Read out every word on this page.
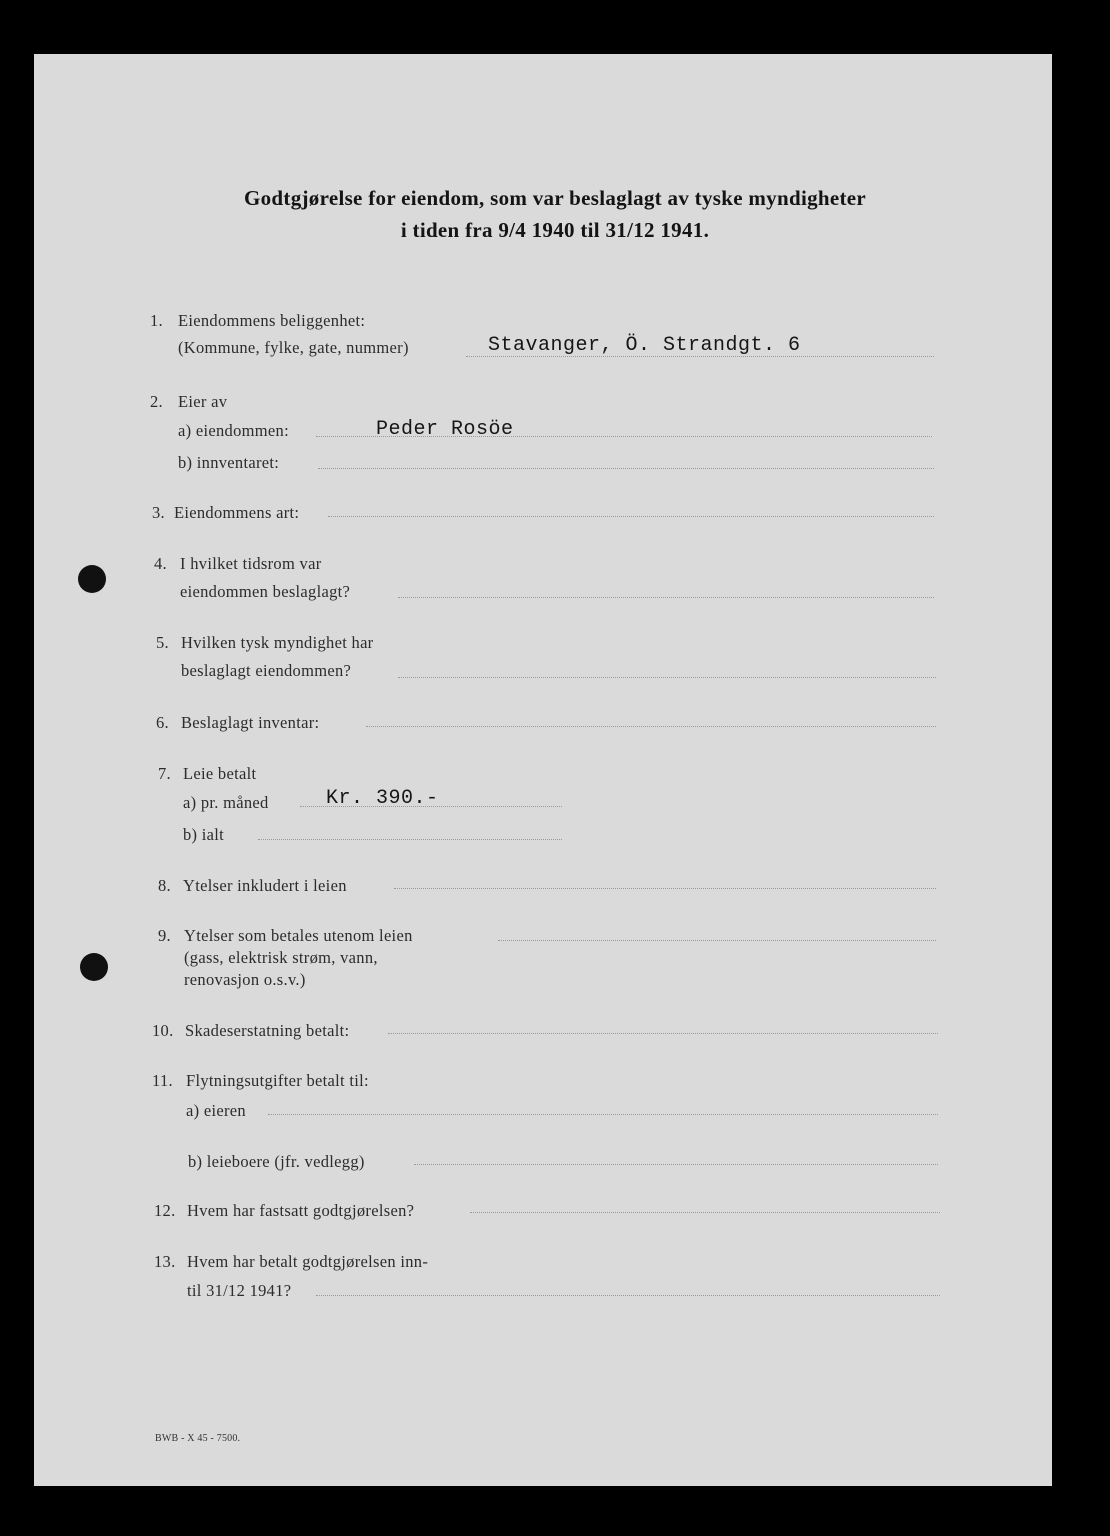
Godtgjørelse for eiendom, som var beslaglagt av tyske myndigheter
i tiden fra 9/4 1940 til 31/12 1941.
1. Eiendommens beliggenhet:
(Kommune, fylke, gate, nummer)	Stavanger, Ö. Strandgt. 6
2. Eier av
a) eiendommen:	Peder Rosöe
b) innventaret:
3. Eiendommens art:
4. I hvilket tidsrom var
eiendommen beslaglagt?
5. Hvilken tysk myndighet har
beslaglagt eiendommen?
6. Beslaglagt inventar:
7. Leie betalt
a) pr. måned	Kr. 390.-
b) ialt
8. Ytelser inkludert i leien
9. Ytelser som betales utenom leien
(gass, elektrisk strøm, vann,
renovasjon o.s.v.)
10. Skadeserstatning betalt:
11. Flytningsutgifter betalt til:
a) eieren
b) leieboere (jfr. vedlegg)
12. Hvem har fastsatt godtgjørelsen?
13. Hvem har betalt godtgjørelsen inn-
til 31/12 1941?
BWB - X 45 - 7500.
